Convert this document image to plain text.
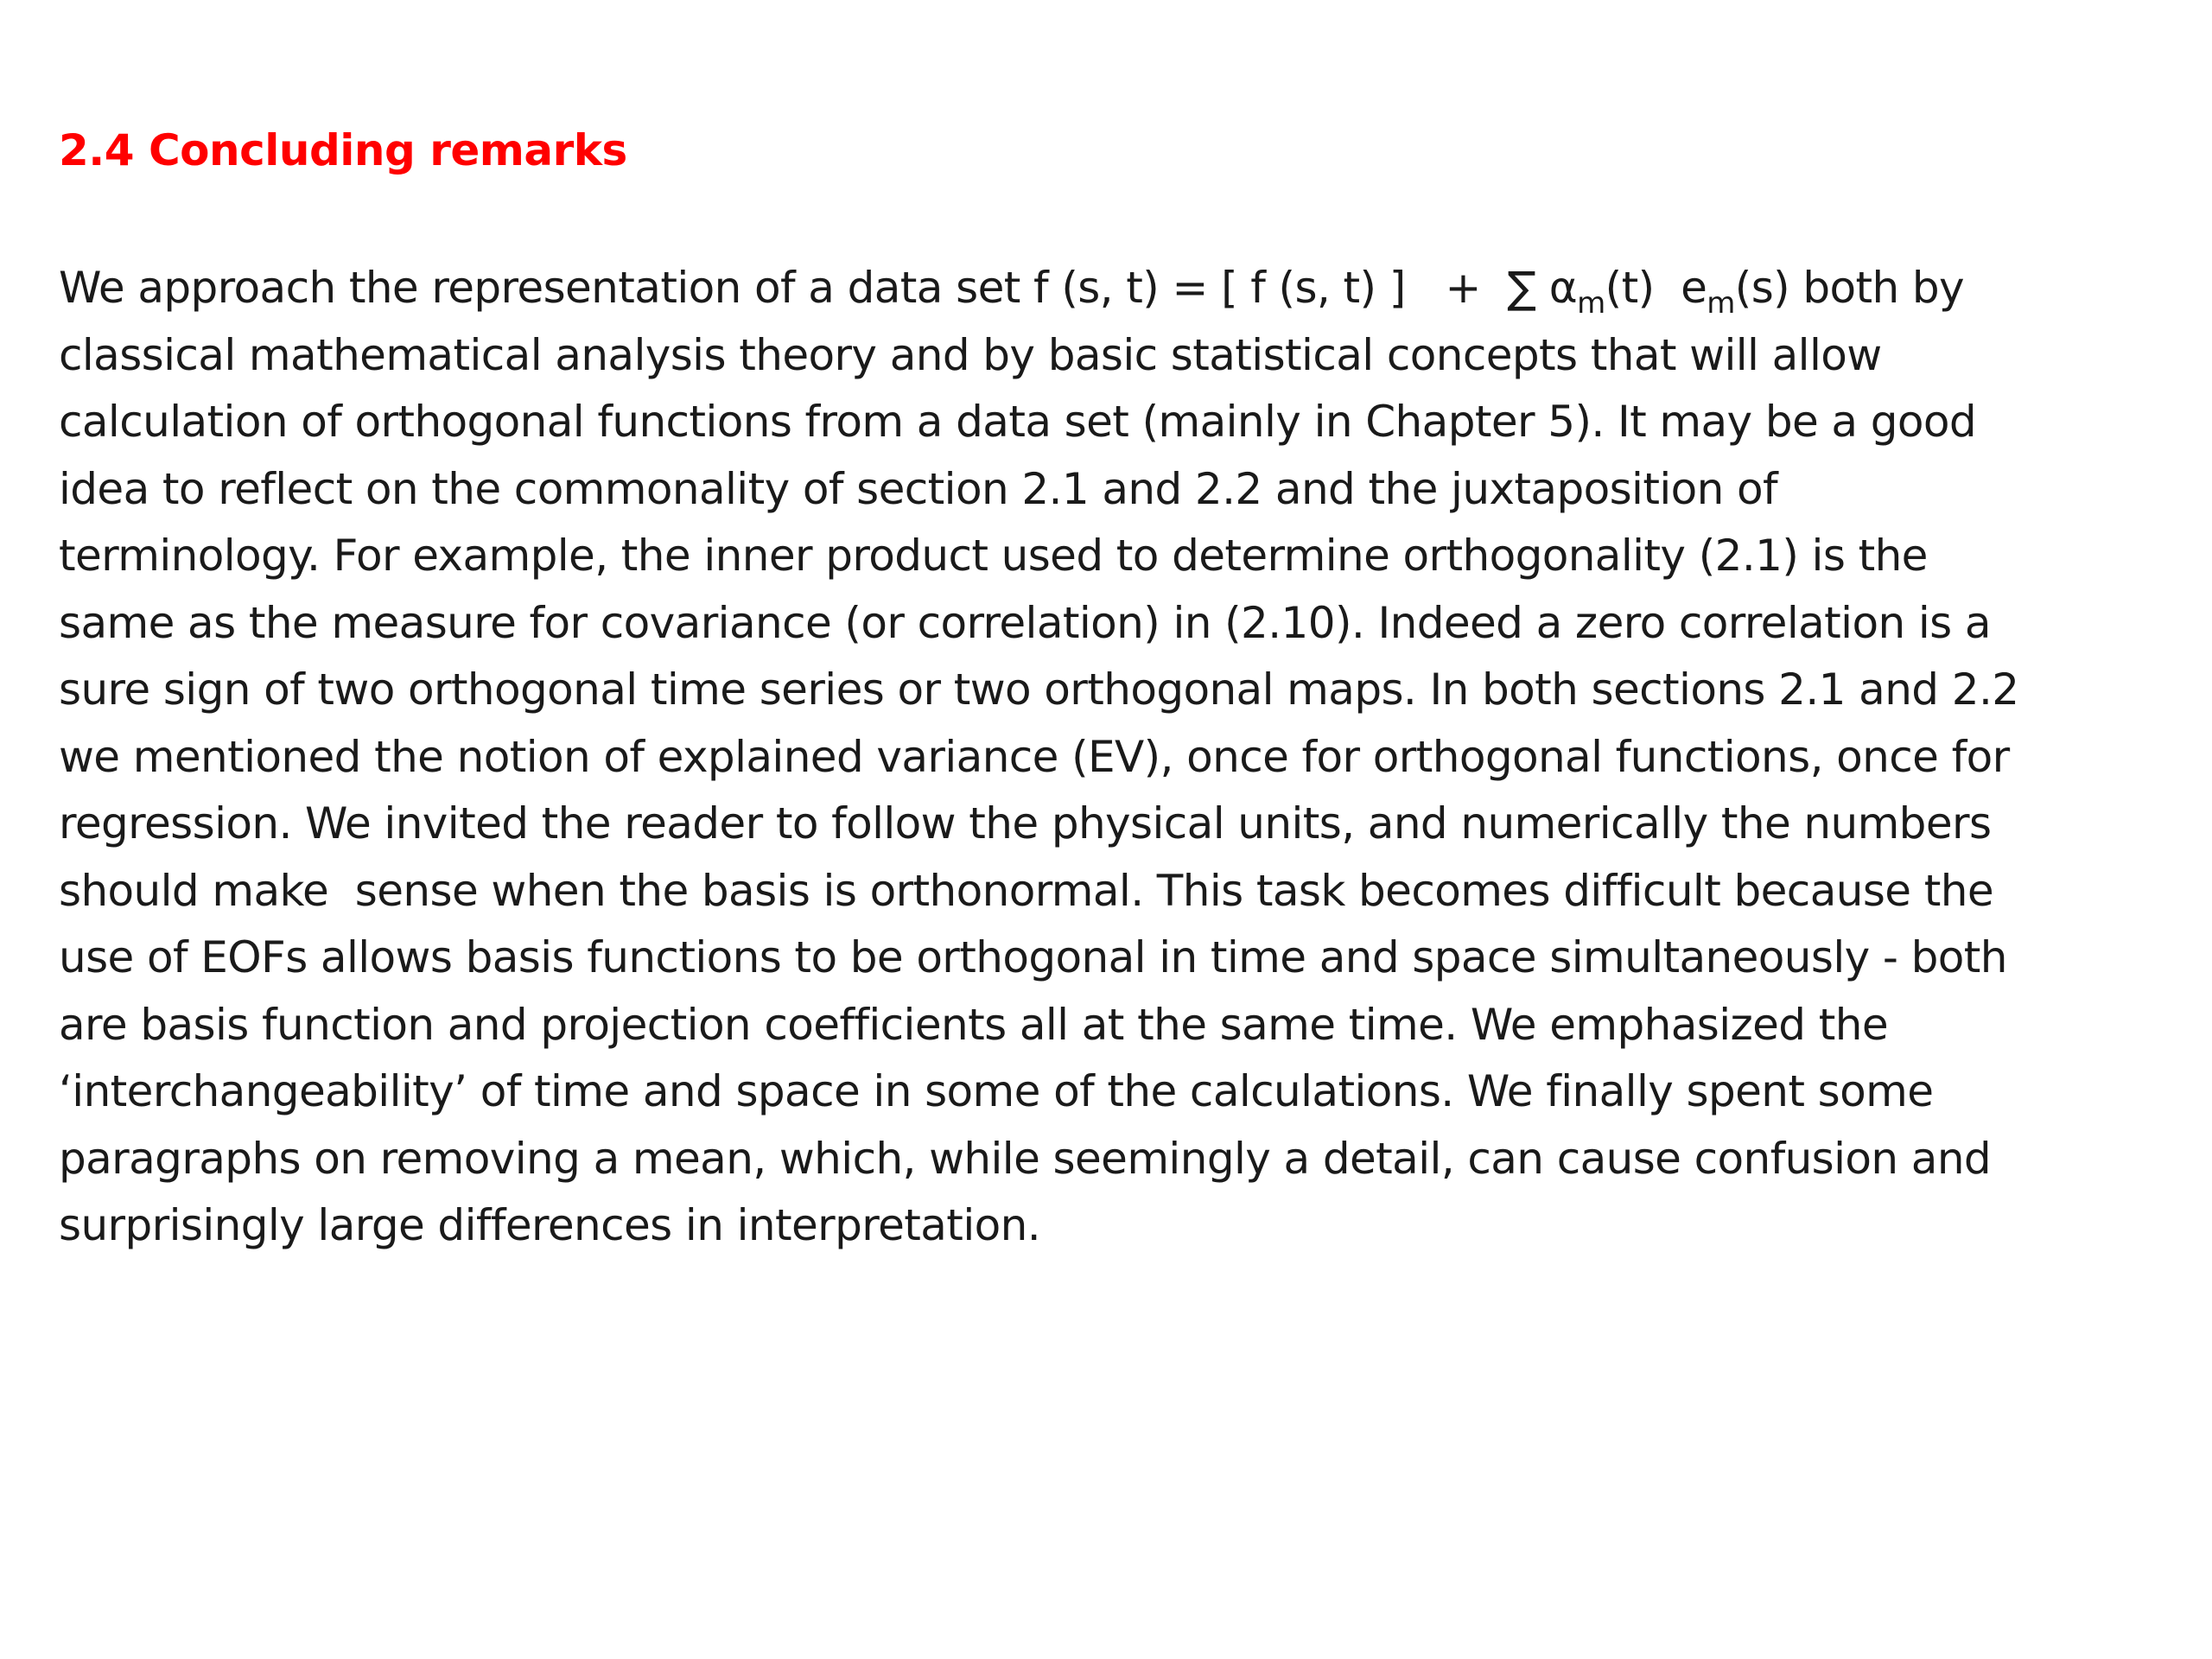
2.4 Concluding remarks
We approach the representation of a data set f (s, t) = [ f (s, t) ]   +  ∑ $\alpha_m(t)$  $e_m(s)$ both by
classical mathematical analysis theory and by basic statistical concepts that will allow
calculation of orthogonal functions from a data set (mainly in Chapter 5). It may be a good
idea to reflect on the commonality of section 2.1 and 2.2 and the juxtaposition of
terminology. For example, the inner product used to determine orthogonality (2.1) is the
same as the measure for covariance (or correlation) in (2.10). Indeed a zero correlation is a
sure sign of two orthogonal time series or two orthogonal maps. In both sections 2.1 and 2.2
we mentioned the notion of explained variance (EV), once for orthogonal functions, once for
regression. We invited the reader to follow the physical units, and numerically the numbers
should make  sense when the basis is orthonormal. This task becomes difficult because the
use of EOFs allows basis functions to be orthogonal in time and space simultaneously - both
are basis function and projection coefficients all at the same time. We emphasized the
‘interchangeability’ of time and space in some of the calculations. We finally spent some
paragraphs on removing a mean, which, while seemingly a detail, can cause confusion and
surprisingly large differences in interpretation.
